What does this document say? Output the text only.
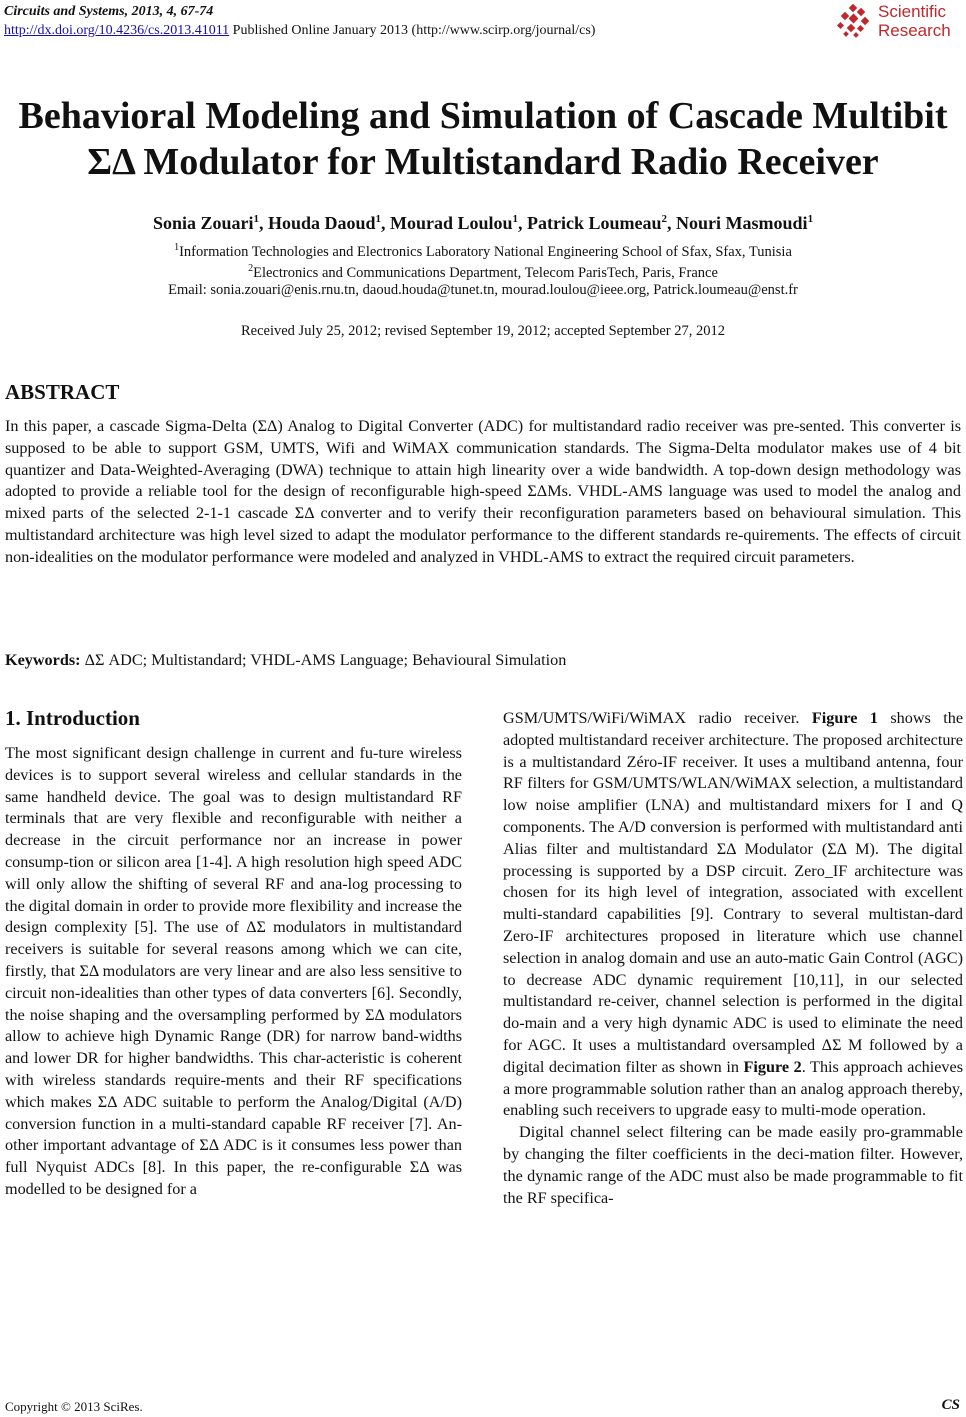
Circuits and Systems, 2013, 4, 67-74
http://dx.doi.org/10.4236/cs.2013.41011 Published Online January 2013 (http://www.scirp.org/journal/cs)
Scientific
Research
Behavioral Modeling and Simulation of Cascade Multibit
ΣΔ Modulator for Multistandard Radio Receiver
Sonia Zouari$^1$, Houda Daoud$^1$, Mourad Loulou$^1$, Patrick Loumeau$^2$, Nouri Masmoudi$^1$
$^1$Information Technologies and Electronics Laboratory National Engineering School of Sfax, Sfax, Tunisia
$^2$Electronics and Communications Department, Telecom ParisTech, Paris, France
Email: sonia.zouari@enis.rnu.tn, daoud.houda@tunet.tn, mourad.loulou@ieee.org, Patrick.loumeau@enst.fr
Received July 25, 2012; revised September 19, 2012; accepted September 27, 2012
ABSTRACT

In this paper, a cascade Sigma-Delta (ΣΔ) Analog to Digital Converter (ADC) for multistandard radio receiver was pre-sented. This converter is supposed to be able to support GSM, UMTS, Wifi and WiMAX communication standards. The Sigma-Delta modulator makes use of 4 bit quantizer and Data-Weighted-Averaging (DWA) technique to attain high linearity over a wide bandwidth. A top-down design methodology was adopted to provide a reliable tool for the design of reconfigurable high-speed ΣΔMs. VHDL-AMS language was used to model the analog and mixed parts of the selected 2-1-1 cascade ΣΔ converter and to verify their reconfiguration parameters based on behavioural simulation. This multistandard architecture was high level sized to adapt the modulator performance to the different standards re-quirements. The effects of circuit non-idealities on the modulator performance were modeled and analyzed in VHDL-AMS to extract the required circuit parameters.

Keywords: ΔΣ ADC; Multistandard; VHDL-AMS Language; Behavioural Simulation
1. Introduction

The most significant design challenge in current and fu-ture wireless devices is to support several wireless and cellular standards in the same handheld device. The goal was to design multistandard RF terminals that are very flexible and reconfigurable with neither a decrease in the circuit performance nor an increase in power consump-tion or silicon area [1-4]. A high resolution high speed ADC will only allow the shifting of several RF and ana-log processing to the digital domain in order to provide more flexibility and increase the design complexity [5]. The use of ΔΣ modulators in multistandard receivers is suitable for several reasons among which we can cite, firstly, that ΣΔ modulators are very linear and are also less sensitive to circuit non-idealities than other types of data converters [6]. Secondly, the noise shaping and the oversampling performed by ΣΔ modulators allow to achieve high Dynamic Range (DR) for narrow band-widths and lower DR for higher bandwidths. This char-acteristic is coherent with wireless standards require-ments and their RF specifications which makes ΣΔ ADC suitable to perform the Analog/Digital (A/D) conversion function in a multi-standard capable RF receiver [7]. An-other important advantage of ΣΔ ADC is it consumes less power than full Nyquist ADCs [8]. In this paper, the re-configurable ΣΔ was modelled to be designed for a

GSM/UMTS/WiFi/WiMAX radio receiver. Figure 1 shows the adopted multistandard receiver architecture. The proposed architecture is a multistandard Zéro-IF receiver. It uses a multiband antenna, four RF filters for GSM/UMTS/WLAN/WiMAX selection, a multistandard low noise amplifier (LNA) and multistandard mixers for I and Q components. The A/D conversion is performed with multistandard anti Alias filter and multistandard ΣΔ Modulator (ΣΔ M). The digital processing is supported by a DSP circuit. Zero_IF architecture was chosen for its high level of integration, associated with excellent multi-standard capabilities [9]. Contrary to several multistan-dard Zero-IF architectures proposed in literature which use channel selection in analog domain and use an auto-matic Gain Control (AGC) to decrease ADC dynamic requirement [10,11], in our selected multistandard re-ceiver, channel selection is performed in the digital do-main and a very high dynamic ADC is used to eliminate the need for AGC. It uses a multistandard oversampled ΔΣ M followed by a digital decimation filter as shown in Figure 2. This approach achieves a more programmable solution rather than an analog approach thereby, enabling such receivers to upgrade easy to multi-mode operation.

Digital channel select filtering can be made easily pro-grammable by changing the filter coefficients in the deci-mation filter. However, the dynamic range of the ADC must also be made programmable to fit the RF specifica-

Copyright © 2013 SciRes.	CS
